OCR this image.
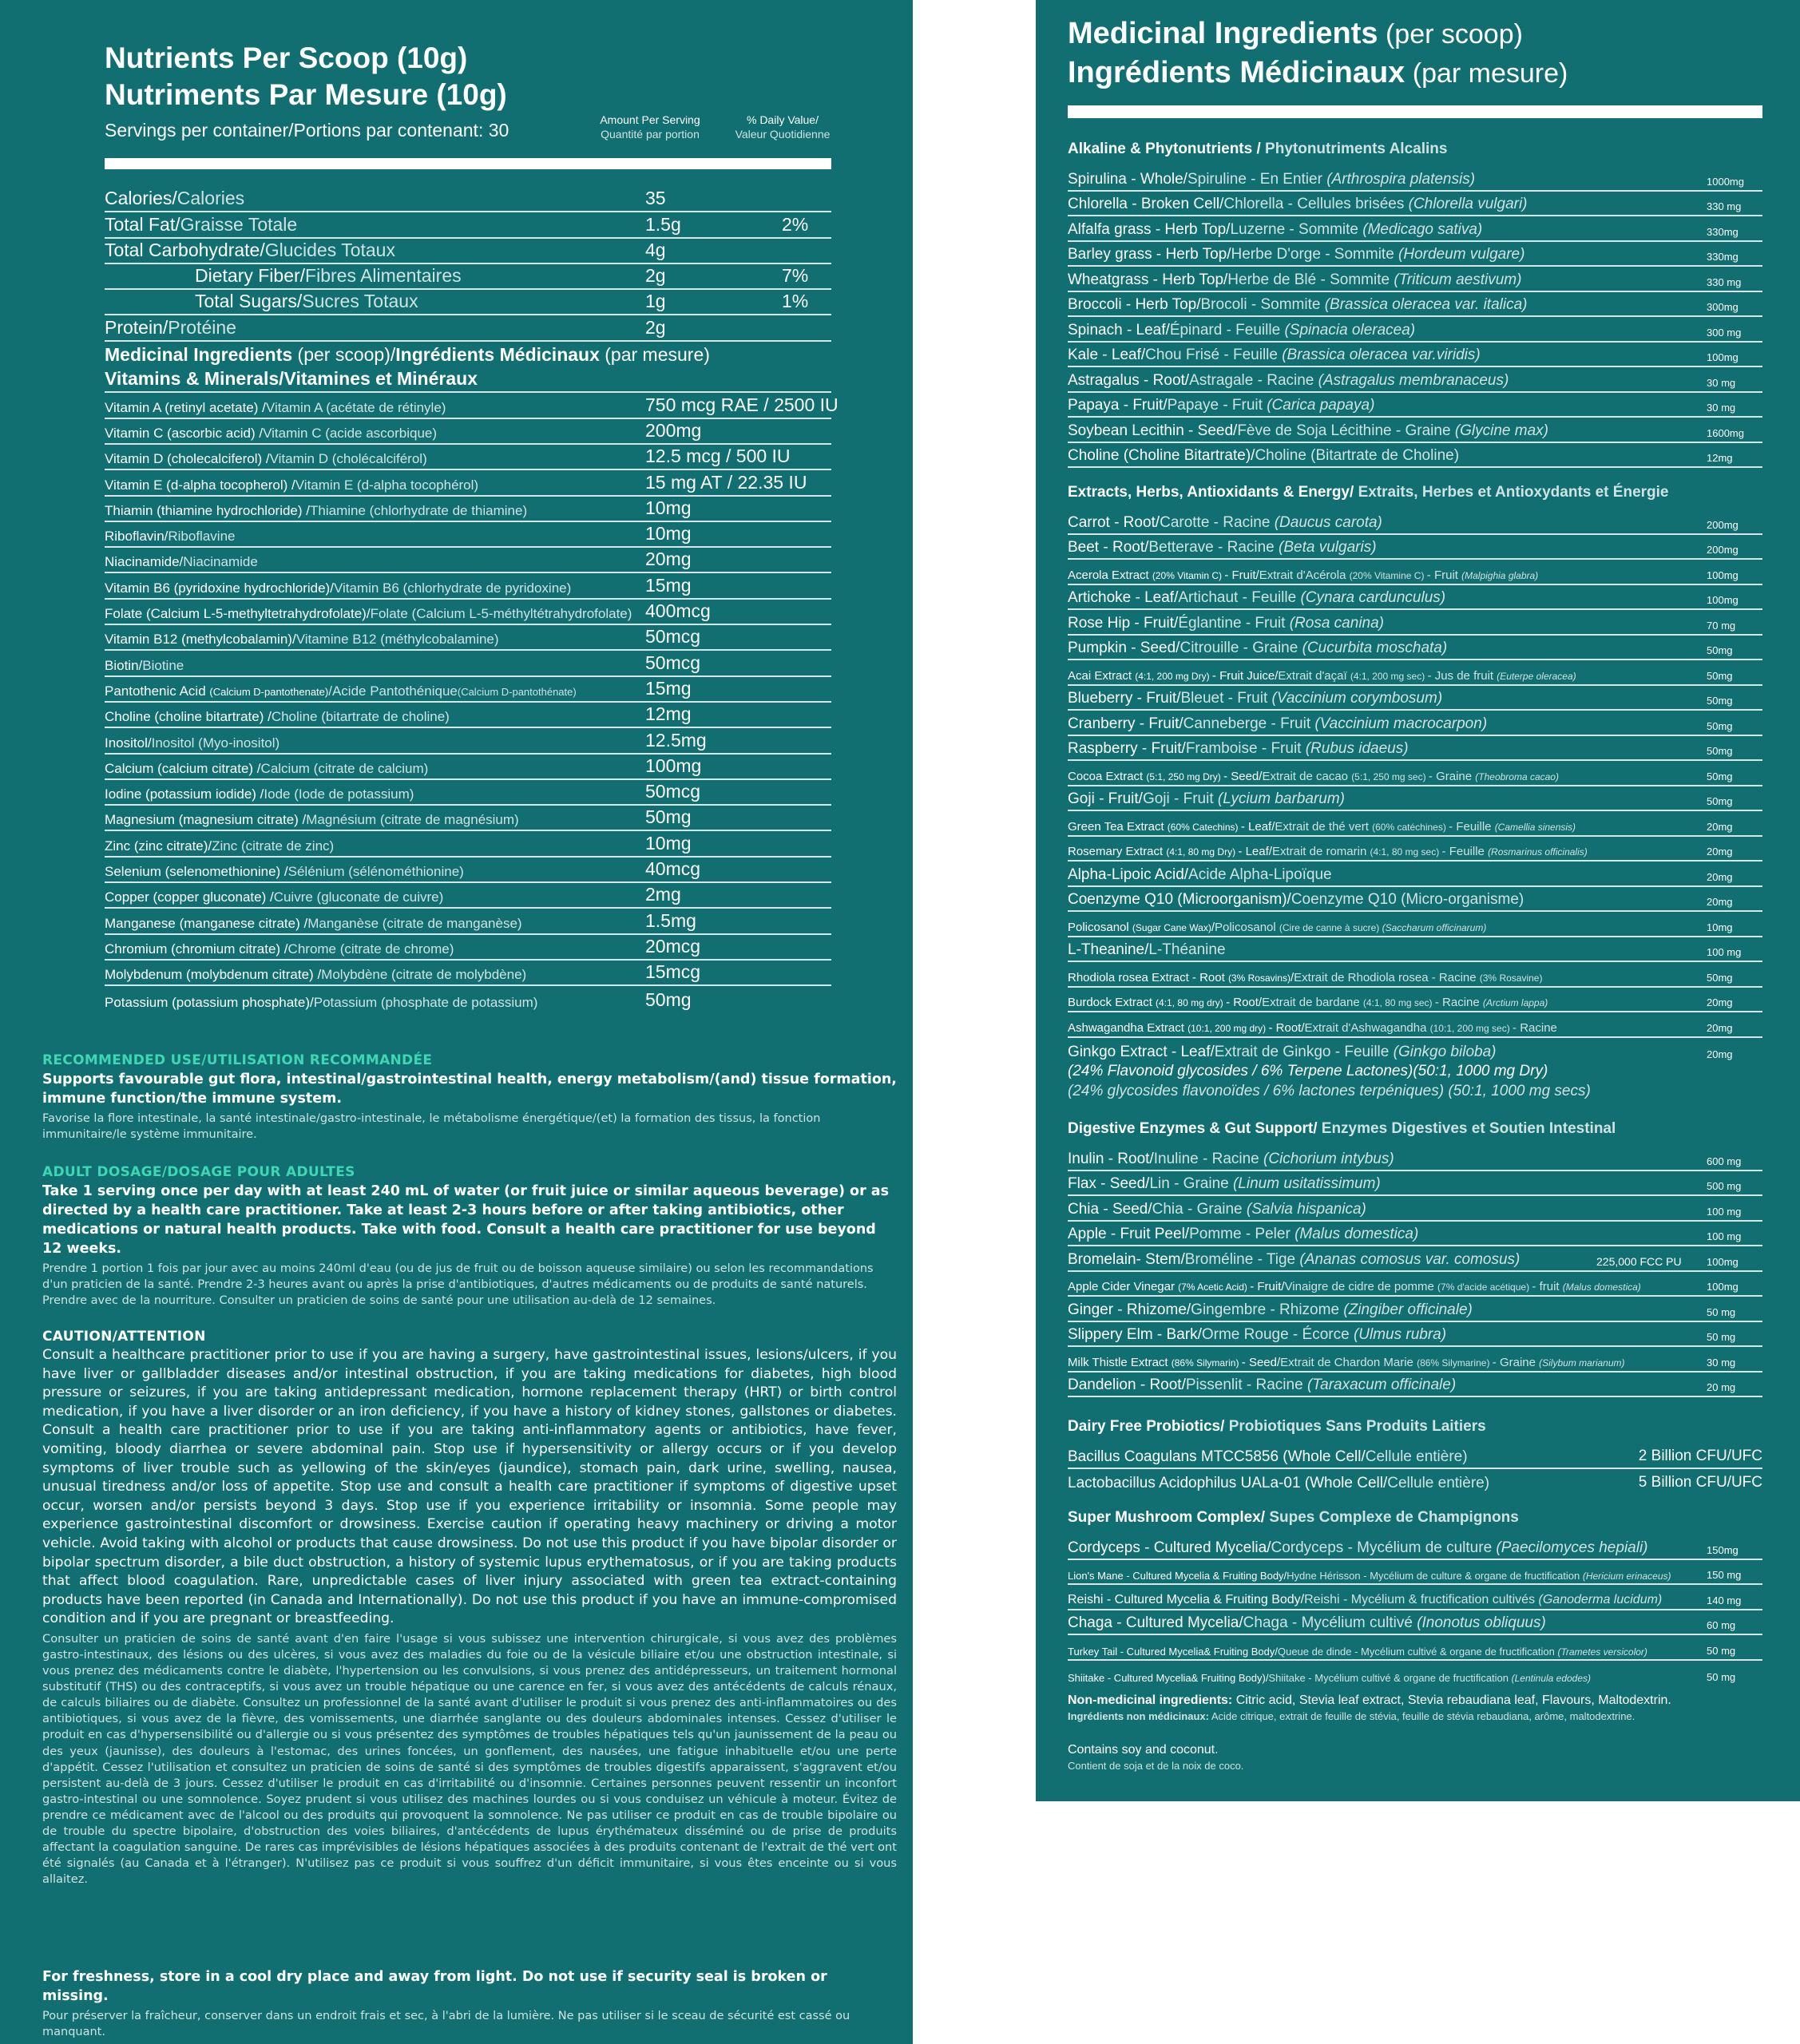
Nutrients Per Scoop (10g)
Nutriments Par Mesure (10g)
Servings per container/Portions par contenant: 30	Amount Per Serving
Quantité par portion
% Daily Value/
Valeur Quotidienne
RECOMMENDED USE/UTILISATION RECOMMANDÉE
Supports favourable gut flora, intestinal/gastrointestinal health, energy metabolism/(and) tissue formation, immune function/the immune system.
Favorise la flore intestinale, la santé intestinale/gastro-intestinale, le métabolisme énergétique/(et) la formation des tissus, la fonction immunitaire/le système immunitaire.
ADULT DOSAGE/DOSAGE POUR ADULTES
Take 1 serving once per day with at least 240 mL of water (or fruit juice or similar aqueous beverage) or as directed by a health care practitioner. Take at least 2-3 hours before or after taking antibiotics, other medications or natural health products. Take with food. Consult a health care practitioner for use beyond 12 weeks.
Prendre 1 portion 1 fois par jour avec au moins 240ml d'eau (ou de jus de fruit ou de boisson aqueuse similaire) ou selon les recommandations d'un praticien de la santé. Prendre 2-3 heures avant ou après la prise d'antibiotiques, d'autres médicaments ou de produits de santé naturels. Prendre avec de la nourriture. Consulter un praticien de soins de santé pour une utilisation au-delà de 12 semaines.
CAUTION/ATTENTION
Consult a healthcare practitioner prior to use if you are having a surgery, have gastrointestinal issues, lesions/ulcers, if you have liver or gallbladder diseases and/or intestinal obstruction, if you are taking medications for diabetes, high blood pressure or seizures, if you are taking antidepressant medication, hormone replacement therapy (HRT) or birth control medication, if you have a liver disorder or an iron deficiency, if you have a history of kidney stones, gallstones or diabetes. Consult a health care practitioner prior to use if you are taking anti-inflammatory agents or antibiotics, have fever, vomiting, bloody diarrhea or severe abdominal pain. Stop use if hypersensitivity or allergy occurs or if you develop symptoms of liver trouble such as yellowing of the skin/eyes (jaundice), stomach pain, dark urine, swelling, nausea, unusual tiredness and/or loss of appetite. Stop use and consult a health care practitioner if symptoms of digestive upset occur, worsen and/or persists beyond 3 days. Stop use if you experience irritability or insomnia. Some people may experience gastrointestinal discomfort or drowsiness. Exercise caution if operating heavy machinery or driving a motor vehicle. Avoid taking with alcohol or products that cause drowsiness. Do not use this product if you have bipolar disorder or bipolar spectrum disorder, a bile duct obstruction, a history of systemic lupus erythematosus, or if you are taking products that affect blood coagulation. Rare, unpredictable cases of liver injury associated with green tea extract-containing products have been reported (in Canada and Internationally). Do not use this product if you have an immune-compromised condition and if you are pregnant or breastfeeding.
Consulter un praticien de soins de santé avant d'en faire l'usage si vous subissez une intervention chirurgicale, si vous avez des problèmes gastro-intestinaux, des lésions ou des ulcères, si vous avez des maladies du foie ou de la vésicule biliaire et/ou une obstruction intestinale, si vous prenez des médicaments contre le diabète, l'hypertension ou les convulsions, si vous prenez des antidépresseurs, un traitement hormonal substitutif (THS) ou des contraceptifs, si vous avez un trouble hépatique ou une carence en fer, si vous avez des antécédents de calculs rénaux, de calculs biliaires ou de diabète. Consultez un professionnel de la santé avant d'utiliser le produit si vous prenez des anti-inflammatoires ou des antibiotiques, si vous avez de la fièvre, des vomissements, une diarrhée sanglante ou des douleurs abdominales intenses. Cessez d'utiliser le produit en cas d'hypersensibilité ou d'allergie ou si vous présentez des symptômes de troubles hépatiques tels qu'un jaunissement de la peau ou des yeux (jaunisse), des douleurs à l'estomac, des urines foncées, un gonflement, des nausées, une fatigue inhabituelle et/ou une perte d'appétit. Cessez l'utilisation et consultez un praticien de soins de santé si des symptômes de troubles digestifs apparaissent, s'aggravent et/ou persistent au-delà de 3 jours. Cessez d'utiliser le produit en cas d'irritabilité ou d'insomnie. Certaines personnes peuvent ressentir un inconfort gastro-intestinal ou une somnolence. Soyez prudent si vous utilisez des machines lourdes ou si vous conduisez un véhicule à moteur. Évitez de prendre ce médicament avec de l'alcool ou des produits qui provoquent la somnolence. Ne pas utiliser ce produit en cas de trouble bipolaire ou de trouble du spectre bipolaire, d'obstruction des voies biliaires, d'antécédents de lupus érythémateux disséminé ou de prise de produits affectant la coagulation sanguine. De rares cas imprévisibles de lésions hépatiques associées à des produits contenant de l'extrait de thé vert ont été signalés (au Canada et à l'étranger). N'utilisez pas ce produit si vous souffrez d'un déficit immunitaire, si vous êtes enceinte ou si vous allaitez.
For freshness, store in a cool dry place and away from light. Do not use if security seal is broken or missing.
Pour préserver la fraîcheur, conserver dans un endroit frais et sec, à l'abri de la lumière. Ne pas utiliser si le sceau de sécurité est cassé ou manquant.
Calories/Calories	35
Total Fat/Graisse Totale	1.5g	2%
Total Carbohydrate/Glucides Totaux	4g
Dietary Fiber/Fibres Alimentaires	2g	7%
Total Sugars/Sucres Totaux	1g	1%
Protein/Protéine	2g
Medicinal Ingredients (per scoop)/Ingrédients Médicinaux (par mesure)
Vitamins & Minerals/Vitamines et Minéraux
Vitamin A (retinyl acetate) /Vitamin A (acétate de rétinyle)	750 mcg RAE / 2500 IU
Vitamin C (ascorbic acid) /Vitamin C (acide ascorbique)	200mg
Vitamin D (cholecalciferol) /Vitamin D (cholécalciférol)	12.5 mcg / 500 IU
Vitamin E (d-alpha tocopherol) /Vitamin E (d-alpha tocophérol)	15 mg AT / 22.35 IU
Thiamin (thiamine hydrochloride) /Thiamine (chlorhydrate de thiamine)	10mg
Riboflavin/Riboflavine	10mg
Niacinamide/Niacinamide	20mg
Vitamin B6 (pyridoxine hydrochloride)/Vitamin B6 (chlorhydrate de pyridoxine)	15mg
Folate (Calcium L-5-methyltetrahydrofolate)/Folate (Calcium L-5-méthyltétrahydrofolate) 400mcg
Vitamin B12 (methylcobalamin)/Vitamine B12 (méthylcobalamine)	50mcg
Biotin/Biotine	50mcg
Pantothenic Acid (Calcium D-pantothenate)/Acide Pantothénique(Calcium D-pantothénate)	15mg
Choline (choline bitartrate) /Choline (bitartrate de choline)	12mg
Inositol/Inositol (Myo-inositol)	12.5mg
Calcium (calcium citrate) /Calcium (citrate de calcium)	100mg
Iodine (potassium iodide) /Iode (Iode de potassium)	50mcg
Magnesium (magnesium citrate) /Magnésium (citrate de magnésium)	50mg
Zinc (zinc citrate)/Zinc (citrate de zinc)	10mg
Selenium (selenomethionine) /Sélénium (sélénométhionine)	40mcg
Copper (copper gluconate) /Cuivre (gluconate de cuivre)	2mg
Manganese (manganese citrate) /Manganèse (citrate de manganèse)	1.5mg
Chromium (chromium citrate) /Chrome (citrate de chrome)	20mcg
Molybdenum (molybdenum citrate) /Molybdène (citrate de molybdène)	15mcg
Potassium (potassium phosphate)/Potassium (phosphate de potassium)	50mg
Medicinal Ingredients (per scoop)
Ingrédients Médicinaux (par mesure)
Non-medicinal ingredients: Citric acid, Stevia leaf extract, Stevia rebaudiana leaf, Flavours, Maltodextrin.
Ingrédients non médicinaux: Acide citrique, extrait de feuille de stévia, feuille de stévia rebaudiana, arôme, maltodextrine.
Contains soy and coconut.
Contient de soja et de la noix de coco.
Alkaline & Phytonutrients / Phytonutriments Alcalins
Spirulina - Whole/Spiruline - En Entier (Arthrospira platensis)	1000mg
Chlorella - Broken Cell/Chlorella - Cellules brisées (Chlorella vulgari)	330 mg
Alfalfa grass - Herb Top/Luzerne - Sommite (Medicago sativa)	330mg
Barley grass - Herb Top/Herbe D'orge - Sommite (Hordeum vulgare)	330mg
Wheatgrass - Herb Top/Herbe de Blé - Sommite (Triticum aestivum)	330 mg
Broccoli - Herb Top/Brocoli - Sommite (Brassica oleracea var. italica)	300mg
Spinach - Leaf/Épinard - Feuille (Spinacia oleracea)	300 mg
Kale - Leaf/Chou Frisé - Feuille (Brassica oleracea var.viridis)	100mg
Astragalus - Root/Astragale - Racine (Astragalus membranaceus)	30 mg
Papaya - Fruit/Papaye - Fruit (Carica papaya)	30 mg
Soybean Lecithin - Seed/Fève de Soja Lécithine - Graine (Glycine max)	1600mg
Choline (Choline Bitartrate)/Choline (Bitartrate de Choline)	12mg
Extracts, Herbs, Antioxidants & Energy/ Extraits, Herbes et Antioxydants et Énergie
Carrot - Root/Carotte - Racine (Daucus carota)	200mg
Beet - Root/Betterave - Racine (Beta vulgaris)	200mg
Acerola Extract (20% Vitamin C) - Fruit/Extrait d'Acérola (20% Vitamine C) - Fruit (Malpighia glabra)	100mg
Artichoke - Leaf/Artichaut - Feuille (Cynara cardunculus)	100mg
Rose Hip - Fruit/Églantine - Fruit (Rosa canina)	70 mg
Pumpkin - Seed/Citrouille - Graine (Cucurbita moschata)	50mg
Acai Extract (4:1, 200 mg Dry) - Fruit Juice/Extrait d'açaï (4:1, 200 mg sec) - Jus de fruit (Euterpe oleracea)	50mg
Blueberry - Fruit/Bleuet - Fruit (Vaccinium corymbosum)	50mg
Cranberry - Fruit/Canneberge - Fruit (Vaccinium macrocarpon)	50mg
Raspberry - Fruit/Framboise - Fruit (Rubus idaeus)	50mg
Cocoa Extract (5:1, 250 mg Dry) - Seed/Extrait de cacao (5:1, 250 mg sec) - Graine (Theobroma cacao)	50mg
Goji - Fruit/Goji - Fruit (Lycium barbarum)	50mg
Green Tea Extract (60% Catechins) - Leaf/Extrait de thé vert (60% catéchines) - Feuille (Camellia sinensis)	20mg
Rosemary Extract (4:1, 80 mg Dry) - Leaf/Extrait de romarin (4:1, 80 mg sec) - Feuille (Rosmarinus officinalis)	20mg
Alpha-Lipoic Acid/Acide Alpha-Lipoïque	20mg
Coenzyme Q10 (Microorganism)/Coenzyme Q10 (Micro-organisme)	20mg
Policosanol (Sugar Cane Wax)/Policosanol (Cire de canne à sucre) (Saccharum officinarum)	10mg
L-Theanine/L-Théanine	100 mg
Rhodiola rosea Extract - Root (3% Rosavins)/Extrait de Rhodiola rosea - Racine (3% Rosavine)	50mg
Burdock Extract (4:1, 80 mg dry) - Root/Extrait de bardane (4:1, 80 mg sec) - Racine (Arctium lappa)	20mg
Ashwagandha Extract (10:1, 200 mg dry) - Root/Extrait d'Ashwagandha (10:1, 200 mg sec) - Racine	20mg
Ginkgo Extract - Leaf/Extrait de Ginkgo - Feuille (Ginkgo biloba)	20mg
(24% Flavonoid glycosides / 6% Terpene Lactones)(50:1, 1000 mg Dry)
(24% glycosides flavonoïdes / 6% lactones terpéniques) (50:1, 1000 mg secs)
Digestive Enzymes & Gut Support/ Enzymes Digestives et Soutien Intestinal
Inulin - Root/Inuline - Racine (Cichorium intybus)	600 mg
Flax - Seed/Lin - Graine (Linum usitatissimum)	500 mg
Chia - Seed/Chia - Graine (Salvia hispanica)	100 mg
Apple - Fruit Peel/Pomme - Peler (Malus domestica)	100 mg
Bromelain- Stem/Broméline - Tige (Ananas comosus var. comosus)	225,000 FCC PU 100mg
Apple Cider Vinegar (7% Acetic Acid) - Fruit/Vinaigre de cidre de pomme (7% d'acide acétique) - fruit (Malus domestica)	100mg
Ginger - Rhizome/Gingembre - Rhizome (Zingiber officinale)	50 mg
Slippery Elm - Bark/Orme Rouge - Écorce (Ulmus rubra)	50 mg
Milk Thistle Extract (86% Silymarin) - Seed/Extrait de Chardon Marie (86% Silymarine) - Graine (Silybum marianum)	30 mg
Dandelion - Root/Pissenlit - Racine (Taraxacum officinale)	20 mg
Dairy Free Probiotics/ Probiotiques Sans Produits Laitiers
Bacillus Coagulans MTCC5856 (Whole Cell/Cellule entière)	2 Billion CFU/UFC
Lactobacillus Acidophilus UALa-01 (Whole Cell/Cellule entière)	5 Billion CFU/UFC
Super Mushroom Complex/ Supes Complexe de Champignons
Cordyceps - Cultured Mycelia/Cordyceps - Mycélium de culture (Paecilomyces hepiali)	150mg
Lion's Mane - Cultured Mycelia & Fruiting Body/Hydne Hérisson - Mycélium de culture & organe de fructification (Hericium erinaceus)	150 mg
Reishi - Cultured Mycelia & Fruiting Body/Reishi - Mycélium & fructification cultivés (Ganoderma lucidum)	140 mg
Chaga - Cultured Mycelia/Chaga - Mycélium cultivé (Inonotus obliquus)	60 mg
Turkey Tail - Cultured Mycelia& Fruiting Body/Queue de dinde - Mycélium cultivé & organe de fructification (Trametes versicolor)	50 mg
Shiitake - Cultured Mycelia& Fruiting Body)/Shiitake - Mycélium cultivé & organe de fructification (Lentinula edodes)	50 mg
